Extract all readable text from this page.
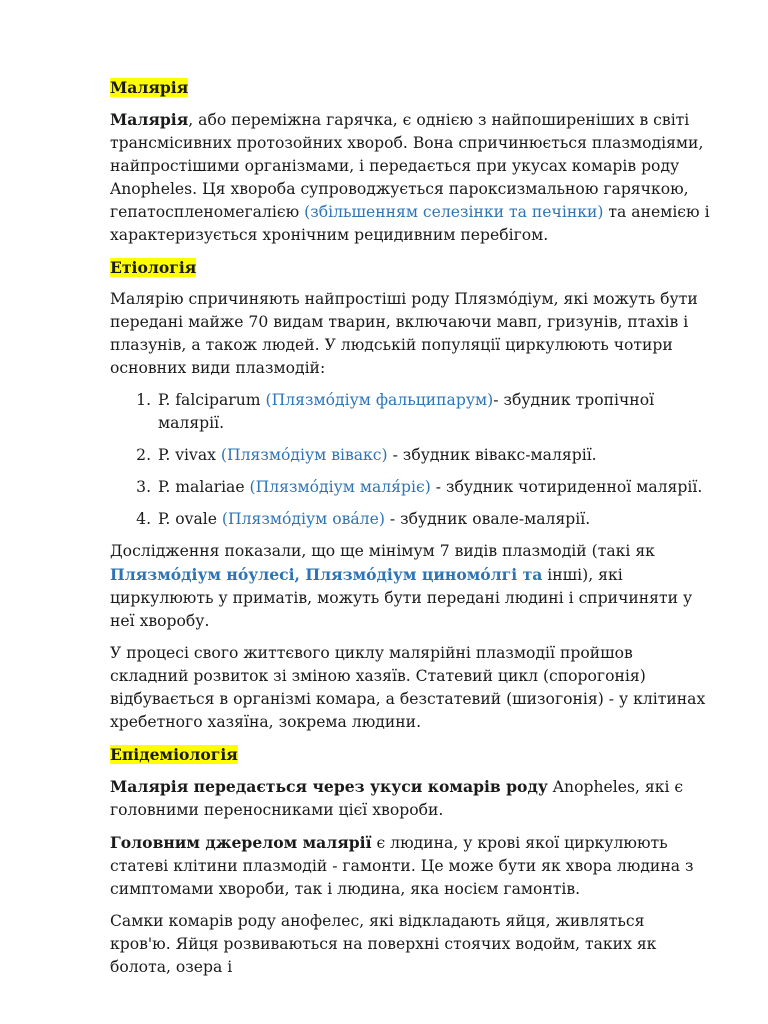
Малярія

Малярія, або переміжна гарячка, є однією з найпоширеніших в світі трансмісивних протозойних хвороб. Вона спричинюється плазмодіями, найпростішими організмами, і передається при укусах комарів роду Anopheles. Ця хвороба супроводжується пароксизмальною гарячкою, гепатоспленомегалією (збільшенням селезінки та печінки) та анемією і характеризується хронічним рецидивним перебігом.

Етіологія

Малярію спричиняють найпростіші роду Плязмóдіум, які можуть бути передані майже 70 видам тварин, включаючи мавп, гризунів, птахів і плазунів, а також людей. У людській популяції циркулюють чотири основних види плазмодій:

1. P. falciparum (Плязмóдіум фальципарум)- збудник тропічної малярії.
2. P. vivax (Плязмóдіум вівакс) - збудник вівакс-малярії.
3. P. malariae (Плязмóдіум маля́ріє) - збудник чотириденної малярії.
4. P. ovale (Плязмóдіум ова́ле) - збудник овале-малярії.

Дослідження показали, що ще мінімум 7 видів плазмодій (такі як Плязмóдіум нóулесі, Плязмóдіум циномóлгі та інші), які циркулюють у приматів, можуть бути передані людині і спричиняти у неї хворобу.

У процесі свого життєвого циклу малярійні плазмодії пройшов складний розвиток зі зміною хазяїв. Статевий цикл (спорогонія) відбувається в організмі комара, а безстатевий (шизогонія) - у клітинах хребетного хазяїна, зокрема людини.

Епідеміологія

Малярія передається через укуси комарів роду Anopheles, які є головними переносниками цієї хвороби.

Головним джерелом малярії є людина, у крові якої циркулюють статеві клітини плазмодій - гамонти. Це може бути як хвора людина з симптомами хвороби, так і людина, яка носієм гамонтів.

Самки комарів роду анофелес, які відкладають яйця, живляться кров'ю. Яйця розвиваються на поверхні стоячих водойм, таких як болота, озера і
